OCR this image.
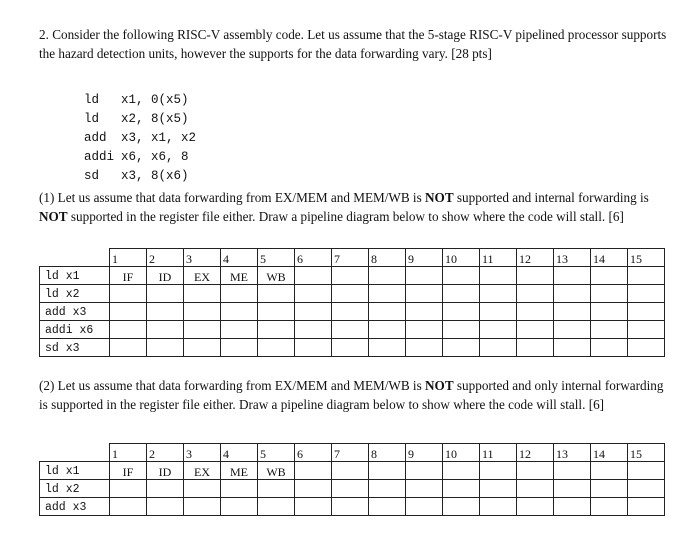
2. Consider the following RISC-V assembly code. Let us assume that the 5-stage RISC-V pipelined processor supports the hazard detection units, however the supports for the data forwarding vary. [28 pts]

ld x1, 0(x5)
ld x2, 8(x5)
add x3, x1, x2
addi x6, x6, 8
sd x3, 8(x6)

(1) Let us assume that data forwarding from EX/MEM and MEM/WB is NOT supported and internal forwarding is NOT supported in the register file either. Draw a pipeline diagram below to show where the code will stall. [6]

	1	2	3	4	5	6	7	8	9	10	11	12	13	14	15
ld x1	IF	ID	EX	ME	WB										
ld x2															
add x3															
addi x6															
sd x3															

(2) Let us assume that data forwarding from EX/MEM and MEM/WB is NOT supported and only internal forwarding is supported in the register file either. Draw a pipeline diagram below to show where the code will stall. [6]

	1	2	3	4	5	6	7	8	9	10	11	12	13	14	15
ld x1	IF	ID	EX	ME	WB										
ld x2															
add x3															
